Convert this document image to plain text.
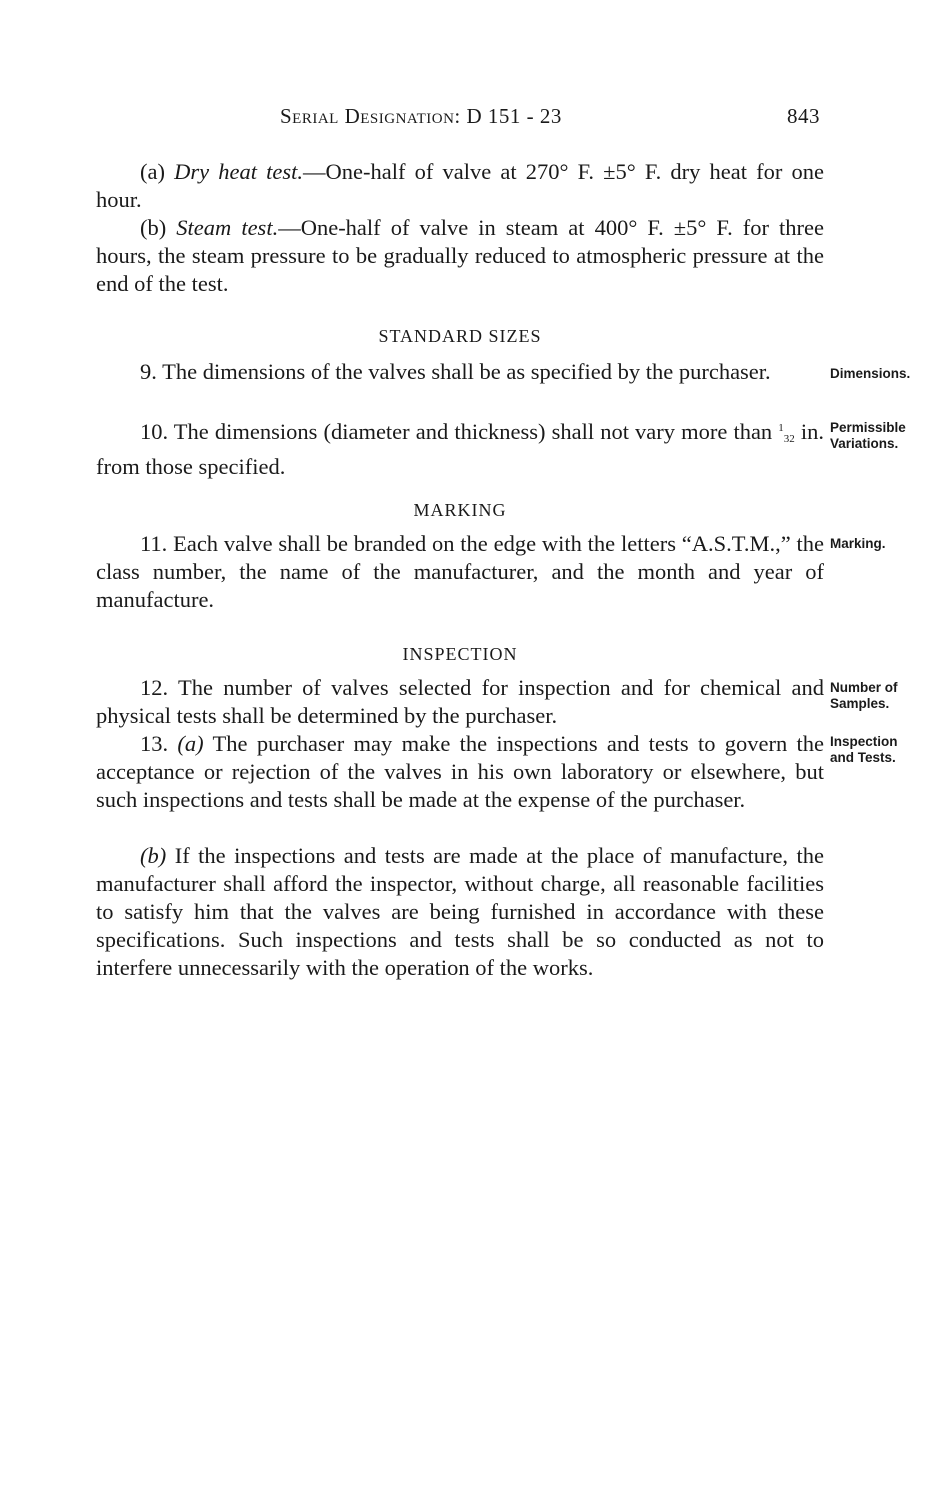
Serial Designation: D 151 - 23	843

(a) Dry heat test.—One-half of valve at 270° F. ±5° F. dry heat for one hour.

(b) Steam test.—One-half of valve in steam at 400° F. ±5° F. for three hours, the steam pressure to be gradually reduced to atmospheric pressure at the end of the test.

STANDARD SIZES

9. The dimensions of the valves shall be as specified by the purchaser.	Dimensions.

10. The dimensions (diameter and thickness) shall not vary more than $^1_{32}$ in. from those specified.

Permissible
Variations.

MARKING

11. Each valve shall be branded on the edge with the letters “A.S.T.M.,” the class number, the name of the manufacturer, and the month and year of manufacture.

Marking.

INSPECTION

12. The number of valves selected for inspection and for chemical and physical tests shall be determined by the purchaser.

Number of
Samples.

13. (a) The purchaser may make the inspections and tests to govern the acceptance or rejection of the valves in his own laboratory or elsewhere, but such inspections and tests shall be made at the expense of the purchaser.

Inspection
and Tests.

(b) If the inspections and tests are made at the place of manufacture, the manufacturer shall afford the inspector, without charge, all reasonable facilities to satisfy him that the valves are being furnished in accordance with these specifications. Such inspections and tests shall be so conducted as not to interfere unnecessarily with the operation of the works.
